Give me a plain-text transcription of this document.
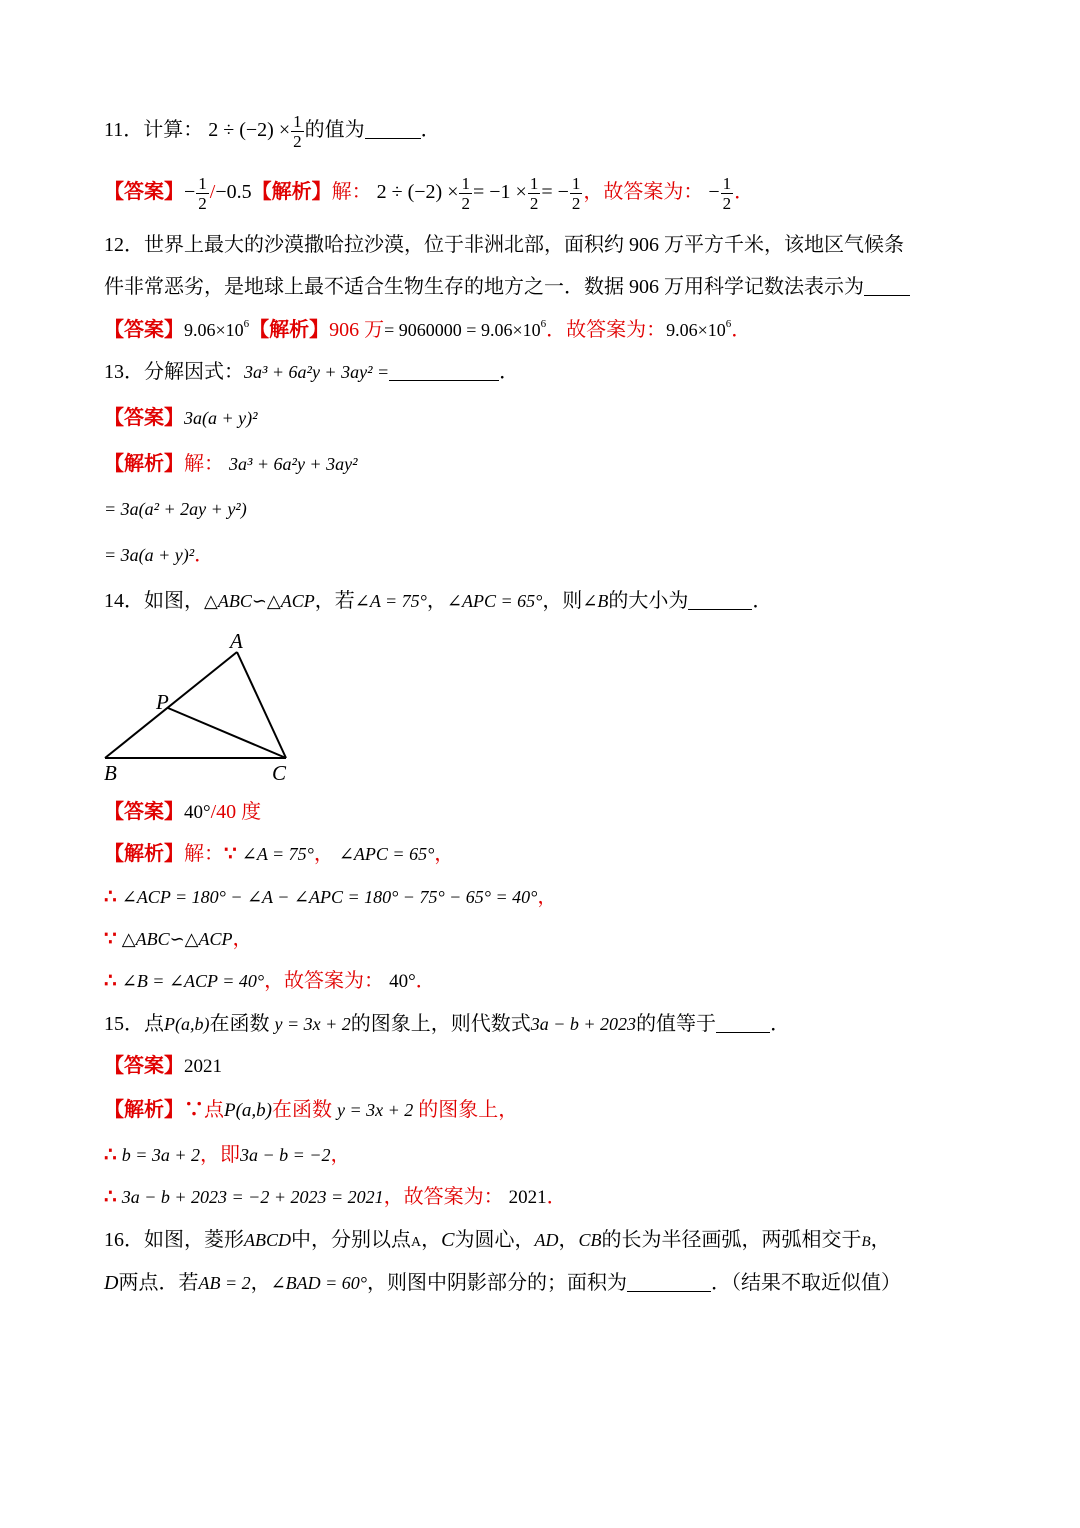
11．计算： $2 \div (-2) \times \frac{1}{2}$ 的值为	．
【答案】− $\frac{1}{2} /-0.5$【解析】解： $2 \div (-2) \times \frac{1}{2} = -1 \times \frac{1}{2}$ = − $\frac{1}{2}$ ，故答案为： − $\frac{1}{2}$ ．
12．世界上最大的沙漠撒哈拉沙漠，位于非洲北部，面积约 906 万平方千米，该地区气候条
件非常恶劣，是地球上最不适合生物生存的地方之一．数据 906 万用科学记数法表示为
【答案】$9.06\times 10^6$【解析】906 万= $9060000 = 9.06\times 10^6$．故答案为：$9.06\times 10^6$．
13．分解因式：3a³ + 6a²y + 3ay² =	．
【答案】3a(a + y)²
【解析】解： 3a³ + 6a²y + 3ay²
= 3a(a² + 2ay + y²)
= 3a(a + y)²．
14．如图，△ABC∽△ACP，若∠A = 75°，∠APC = 65°，则∠B的大小为	．
A
P
B	C
【答案】40°/40 度
【解析】解：∵ ∠A = 75°， ∠APC = 65°，
∴ ∠ACP = 180° − ∠A − ∠APC = 180° − 75° − 65° = 40°，
∵ △ABC∽△ACP，
∴ ∠B = ∠ACP = 40°，故答案为： 40°．
15．点P(a,b)在函数 y = 3x + 2的图象上，则代数式3a − b + 2023的值等于	．
【答案】2021
【解析】∵点P(a,b)在函数 y = 3x + 2 的图象上，
∴ b = 3a + 2，即3a − b = −2，
∴ 3a − b + 2023 = −2 + 2023 = 2021，故答案为： 2021．
16．如图，菱形ABCD中，分别以点A，C为圆心，AD，CB的长为半径画弧，两弧相交于B，
D两点．若AB = 2，∠BAD = 60°，则图中阴影部分的；面积为	．（结果不取近似值）
